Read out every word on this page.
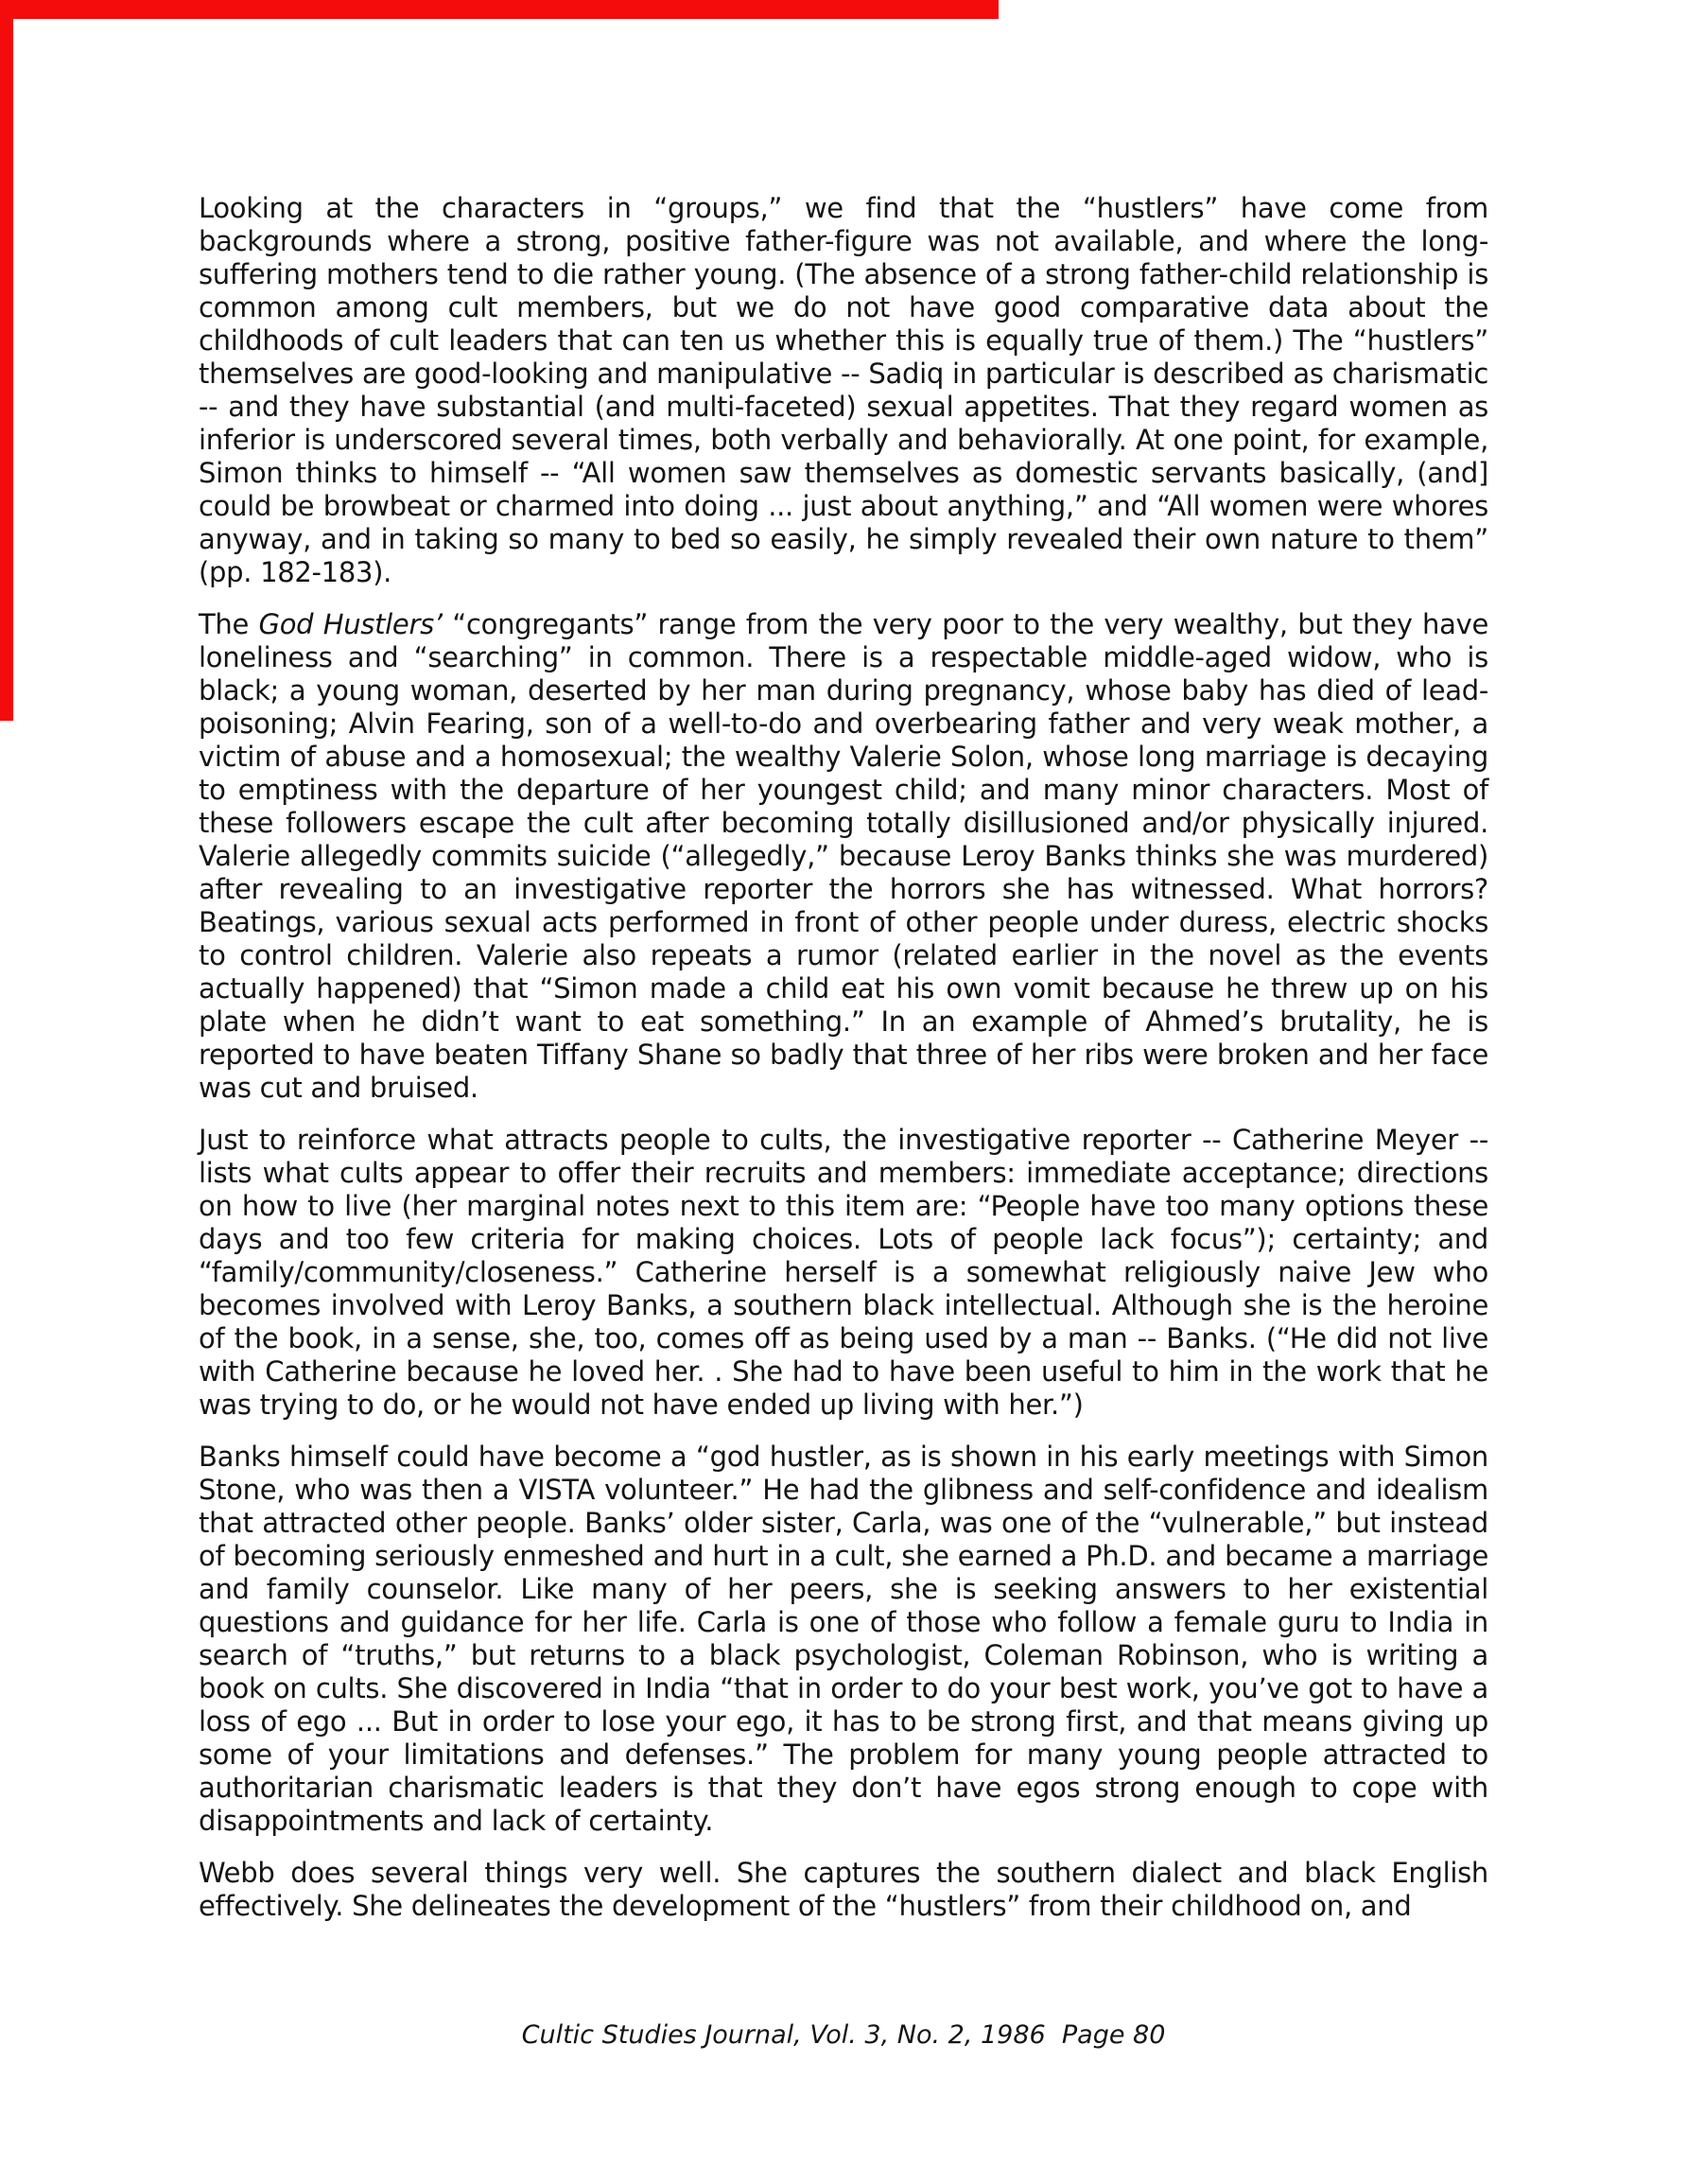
Looking at the characters in “groups,” we find that the “hustlers” have come from backgrounds where a strong, positive father-figure was not available, and where the long-suffering mothers tend to die rather young. (The absence of a strong father-child relationship is common among cult members, but we do not have good comparative data about the childhoods of cult leaders that can ten us whether this is equally true of them.) The “hustlers” themselves are good-looking and manipulative -- Sadiq in particular is described as charismatic -- and they have substantial (and multi-faceted) sexual appetites. That they regard women as inferior is underscored several times, both verbally and behaviorally. At one point, for example, Simon thinks to himself -- “All women saw themselves as domestic servants basically, (and] could be browbeat or charmed into doing ... just about anything,” and “All women were whores anyway, and in taking so many to bed so easily, he simply revealed their own nature to them” (pp. 182-183).

The God Hustlers’ “congregants” range from the very poor to the very wealthy, but they have loneliness and “searching” in common. There is a respectable middle-aged widow, who is black; a young woman, deserted by her man during pregnancy, whose baby has died of lead-poisoning; Alvin Fearing, son of a well-to-do and overbearing father and very weak mother, a victim of abuse and a homosexual; the wealthy Valerie Solon, whose long marriage is decaying to emptiness with the departure of her youngest child; and many minor characters. Most of these followers escape the cult after becoming totally disillusioned and/or physically injured. Valerie allegedly commits suicide (“allegedly,” because Leroy Banks thinks she was murdered) after revealing to an investigative reporter the horrors she has witnessed. What horrors? Beatings, various sexual acts performed in front of other people under duress, electric shocks to control children. Valerie also repeats a rumor (related earlier in the novel as the events actually happened) that “Simon made a child eat his own vomit because he threw up on his plate when he didn’t want to eat something.” In an example of Ahmed’s brutality, he is reported to have beaten Tiffany Shane so badly that three of her ribs were broken and her face was cut and bruised.

Just to reinforce what attracts people to cults, the investigative reporter -- Catherine Meyer -- lists what cults appear to offer their recruits and members: immediate acceptance; directions on how to live (her marginal notes next to this item are: “People have too many options these days and too few criteria for making choices. Lots of people lack focus”); certainty; and “family/community/closeness.” Catherine herself is a somewhat religiously naive Jew who becomes involved with Leroy Banks, a southern black intellectual. Although she is the heroine of the book, in a sense, she, too, comes off as being used by a man -- Banks. (“He did not live with Catherine because he loved her. . She had to have been useful to him in the work that he was trying to do, or he would not have ended up living with her.”)

Banks himself could have become a “god hustler, as is shown in his early meetings with Simon Stone, who was then a VISTA volunteer.” He had the glibness and self-confidence and idealism that attracted other people. Banks’ older sister, Carla, was one of the “vulnerable,” but instead of becoming seriously enmeshed and hurt in a cult, she earned a Ph.D. and became a marriage and family counselor. Like many of her peers, she is seeking answers to her existential questions and guidance for her life. Carla is one of those who follow a female guru to India in search of “truths,” but returns to a black psychologist, Coleman Robinson, who is writing a book on cults. She discovered in India “that in order to do your best work, you’ve got to have a loss of ego ... But in order to lose your ego, it has to be strong first, and that means giving up some of your limitations and defenses.” The problem for many young people attracted to authoritarian charismatic leaders is that they don’t have egos strong enough to cope with disappointments and lack of certainty.

Webb does several things very well. She captures the southern dialect and black English effectively. She delineates the development of the “hustlers” from their childhood on, and

Cultic Studies Journal, Vol. 3, No. 2, 1986  Page 80
